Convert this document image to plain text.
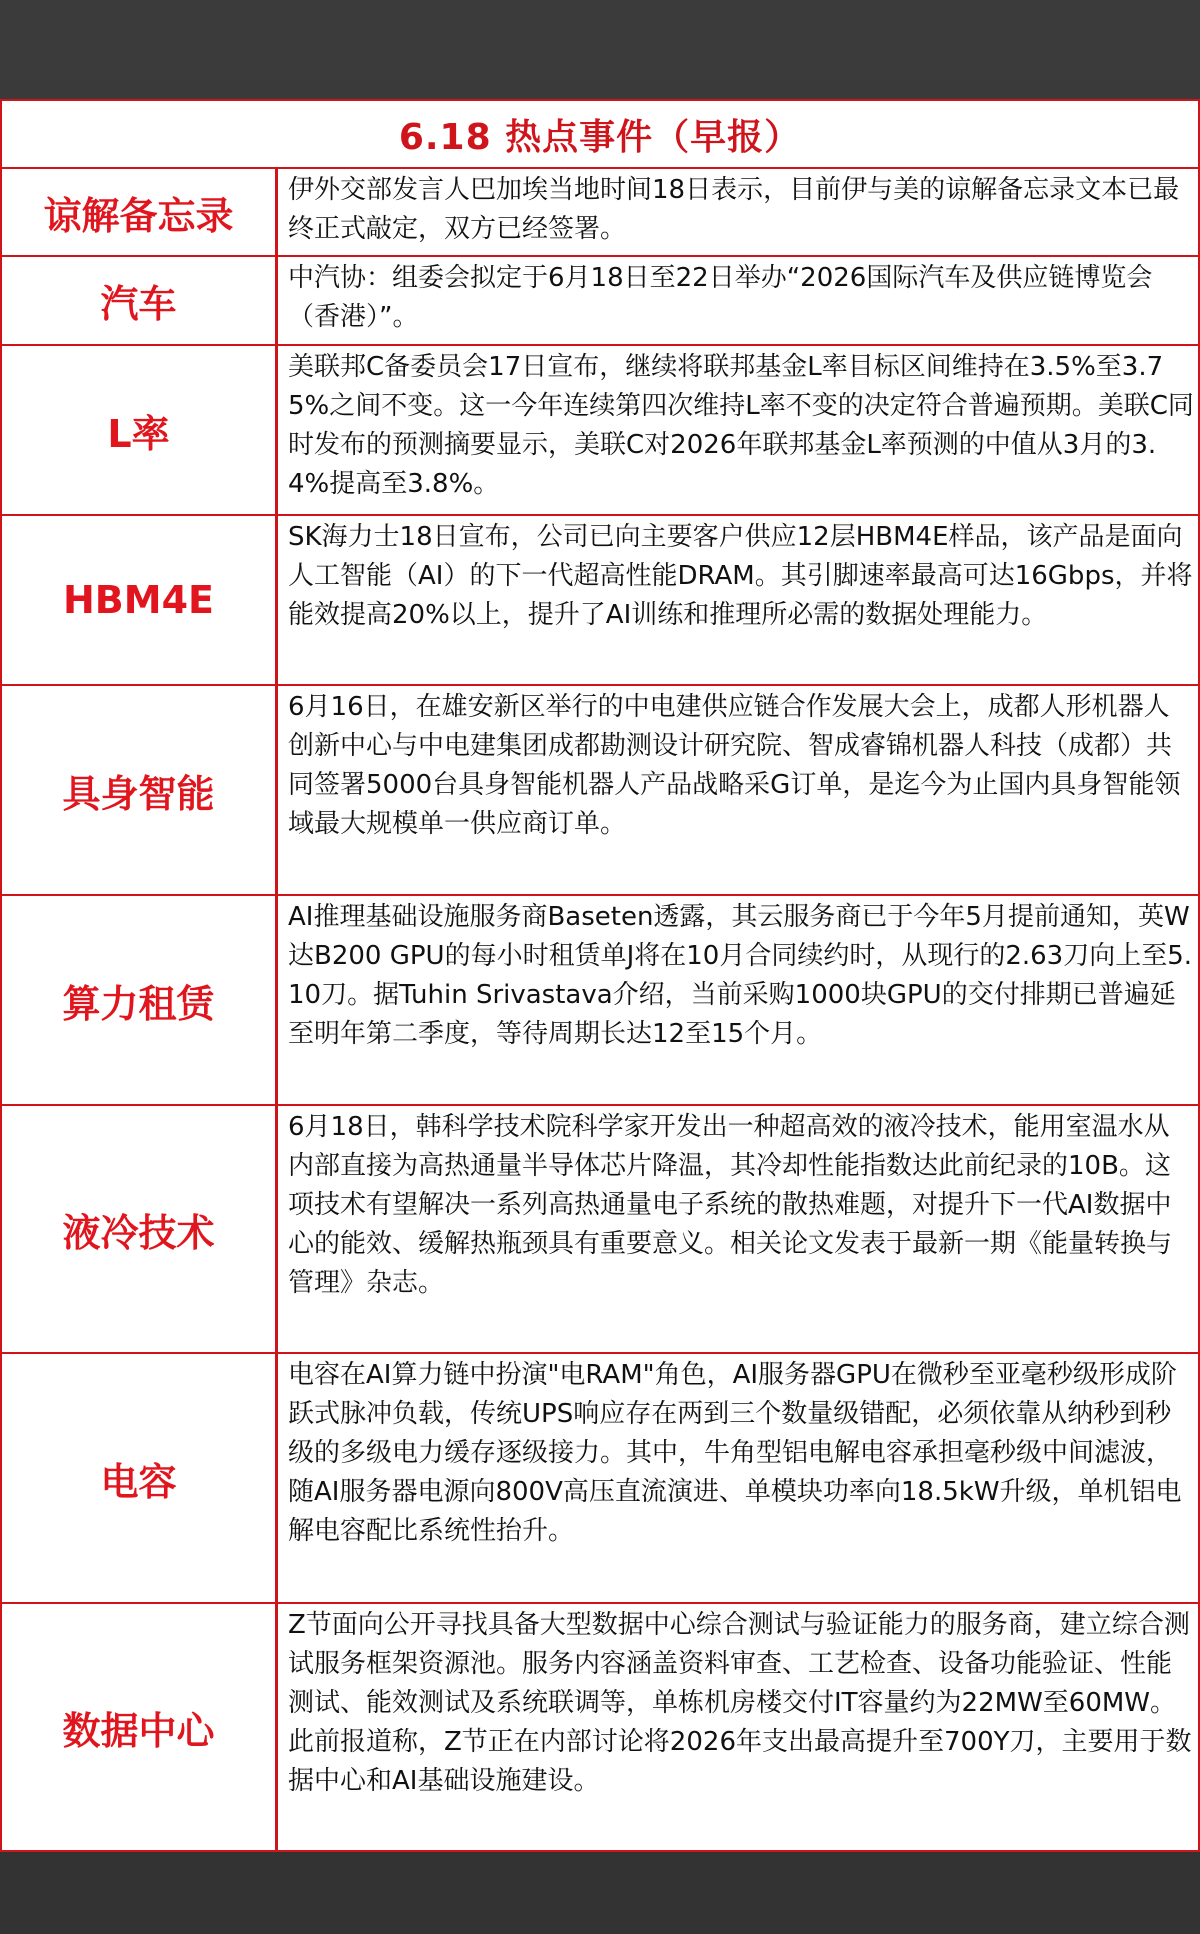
6.18 热点事件（早报）
谅解备忘录
伊外交部发言人巴加埃当地时间18日表示，目前伊与美的谅解备忘录文本已最终正式敲定，双方已经签署。
汽车
中汽协：组委会拟定于6月18日至22日举办“2026国际汽车及供应链博览会（香港）”。
L率
美联邦C备委员会17日宣布，继续将联邦基金L率目标区间维持在3.5%至3.75%之间不变。这一今年连续第四次维持L率不变的决定符合普遍预期。美联C同时发布的预测摘要显示，美联C对2026年联邦基金L率预测的中值从3月的3.4%提高至3.8%。
HBM4E
SK海力士18日宣布，公司已向主要客户供应12层HBM4E样品，该产品是面向人工智能（AI）的下一代超高性能DRAM。其引脚速率最高可达16Gbps，并将能效提高20%以上，提升了AI训练和推理所必需的数据处理能力。
具身智能
6月16日，在雄安新区举行的中电建供应链合作发展大会上，成都人形机器人创新中心与中电建集团成都勘测设计研究院、智成睿锦机器人科技（成都）共同签署5000台具身智能机器人产品战略采G订单，是迄今为止国内具身智能领域最大规模单一供应商订单。
算力租赁
AI推理基础设施服务商Baseten透露，其云服务商已于今年5月提前通知，英W达B200 GPU的每小时租赁单J将在10月合同续约时，从现行的2.63刀向上至5.10刀。据Tuhin Srivastava介绍，当前采购1000块GPU的交付排期已普遍延至明年第二季度，等待周期长达12至15个月。
液冷技术
6月18日，韩科学技术院科学家开发出一种超高效的液冷技术，能用室温水从内部直接为高热通量半导体芯片降温，其冷却性能指数达此前纪录的10B。这项技术有望解决一系列高热通量电子系统的散热难题，对提升下一代AI数据中心的能效、缓解热瓶颈具有重要意义。相关论文发表于最新一期《能量转换与管理》杂志。
电容
电容在AI算力链中扮演"电RAM"角色，AI服务器GPU在微秒至亚毫秒级形成阶跃式脉冲负载，传统UPS响应存在两到三个数量级错配，必须依靠从纳秒到秒级的多级电力缓存逐级接力。其中，牛角型铝电解电容承担毫秒级中间滤波，随AI服务器电源向800V高压直流演进、单模块功率向18.5kW升级，单机铝电解电容配比系统性抬升。
数据中心
Z节面向公开寻找具备大型数据中心综合测试与验证能力的服务商，建立综合测试服务框架资源池。服务内容涵盖资料审查、工艺检查、设备功能验证、性能测试、能效测试及系统联调等，单栋机房楼交付IT容量约为22MW至60MW。此前报道称，Z节正在内部讨论将2026年支出最高提升至700Y刀，主要用于数据中心和AI基础设施建设。
